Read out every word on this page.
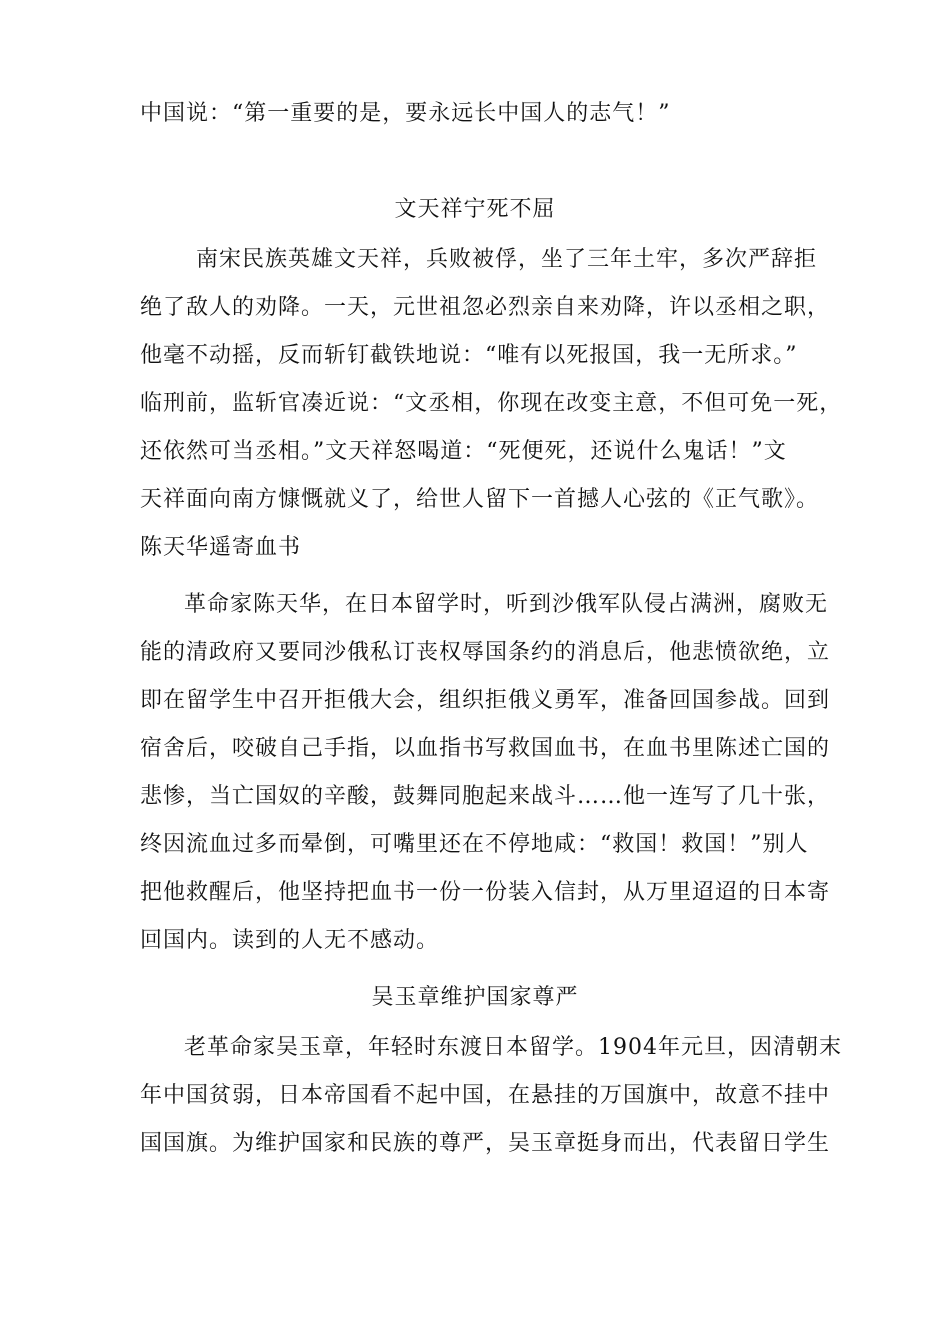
中国说：“第一重要的是，要永远长中国人的志气！”
文天祥宁死不屈
南宋民族英雄文天祥，兵败被俘，坐了三年土牢，多次严辞拒
绝了敌人的劝降。一天，元世祖忽必烈亲自来劝降，许以丞相之职，
他毫不动摇，反而斩钉截铁地说：“唯有以死报国，我一无所求。”
临刑前，监斩官凑近说：“文丞相，你现在改变主意，不但可免一死，
还依然可当丞相。”文天祥怒喝道：“死便死，还说什么鬼话！”文
天祥面向南方慷慨就义了，给世人留下一首撼人心弦的《正气歌》。
陈天华遥寄血书
革命家陈天华，在日本留学时，听到沙俄军队侵占满洲，腐败无
能的清政府又要同沙俄私订丧权辱国条约的消息后，他悲愤欲绝，立
即在留学生中召开拒俄大会，组织拒俄义勇军，准备回国参战。回到
宿舍后，咬破自己手指，以血指书写救国血书，在血书里陈述亡国的
悲惨，当亡国奴的辛酸，鼓舞同胞起来战斗……他一连写了几十张，
终因流血过多而晕倒，可嘴里还在不停地咸：“救国！救国！”别人
把他救醒后，他坚持把血书一份一份装入信封，从万里迢迢的日本寄
回国内。读到的人无不感动。
吴玉章维护国家尊严
老革命家吴玉章，年轻时东渡日本留学。1904年元旦，因清朝末
年中国贫弱，日本帝国看不起中国，在悬挂的万国旗中，故意不挂中
国国旗。为维护国家和民族的尊严，吴玉章挺身而出，代表留日学生
